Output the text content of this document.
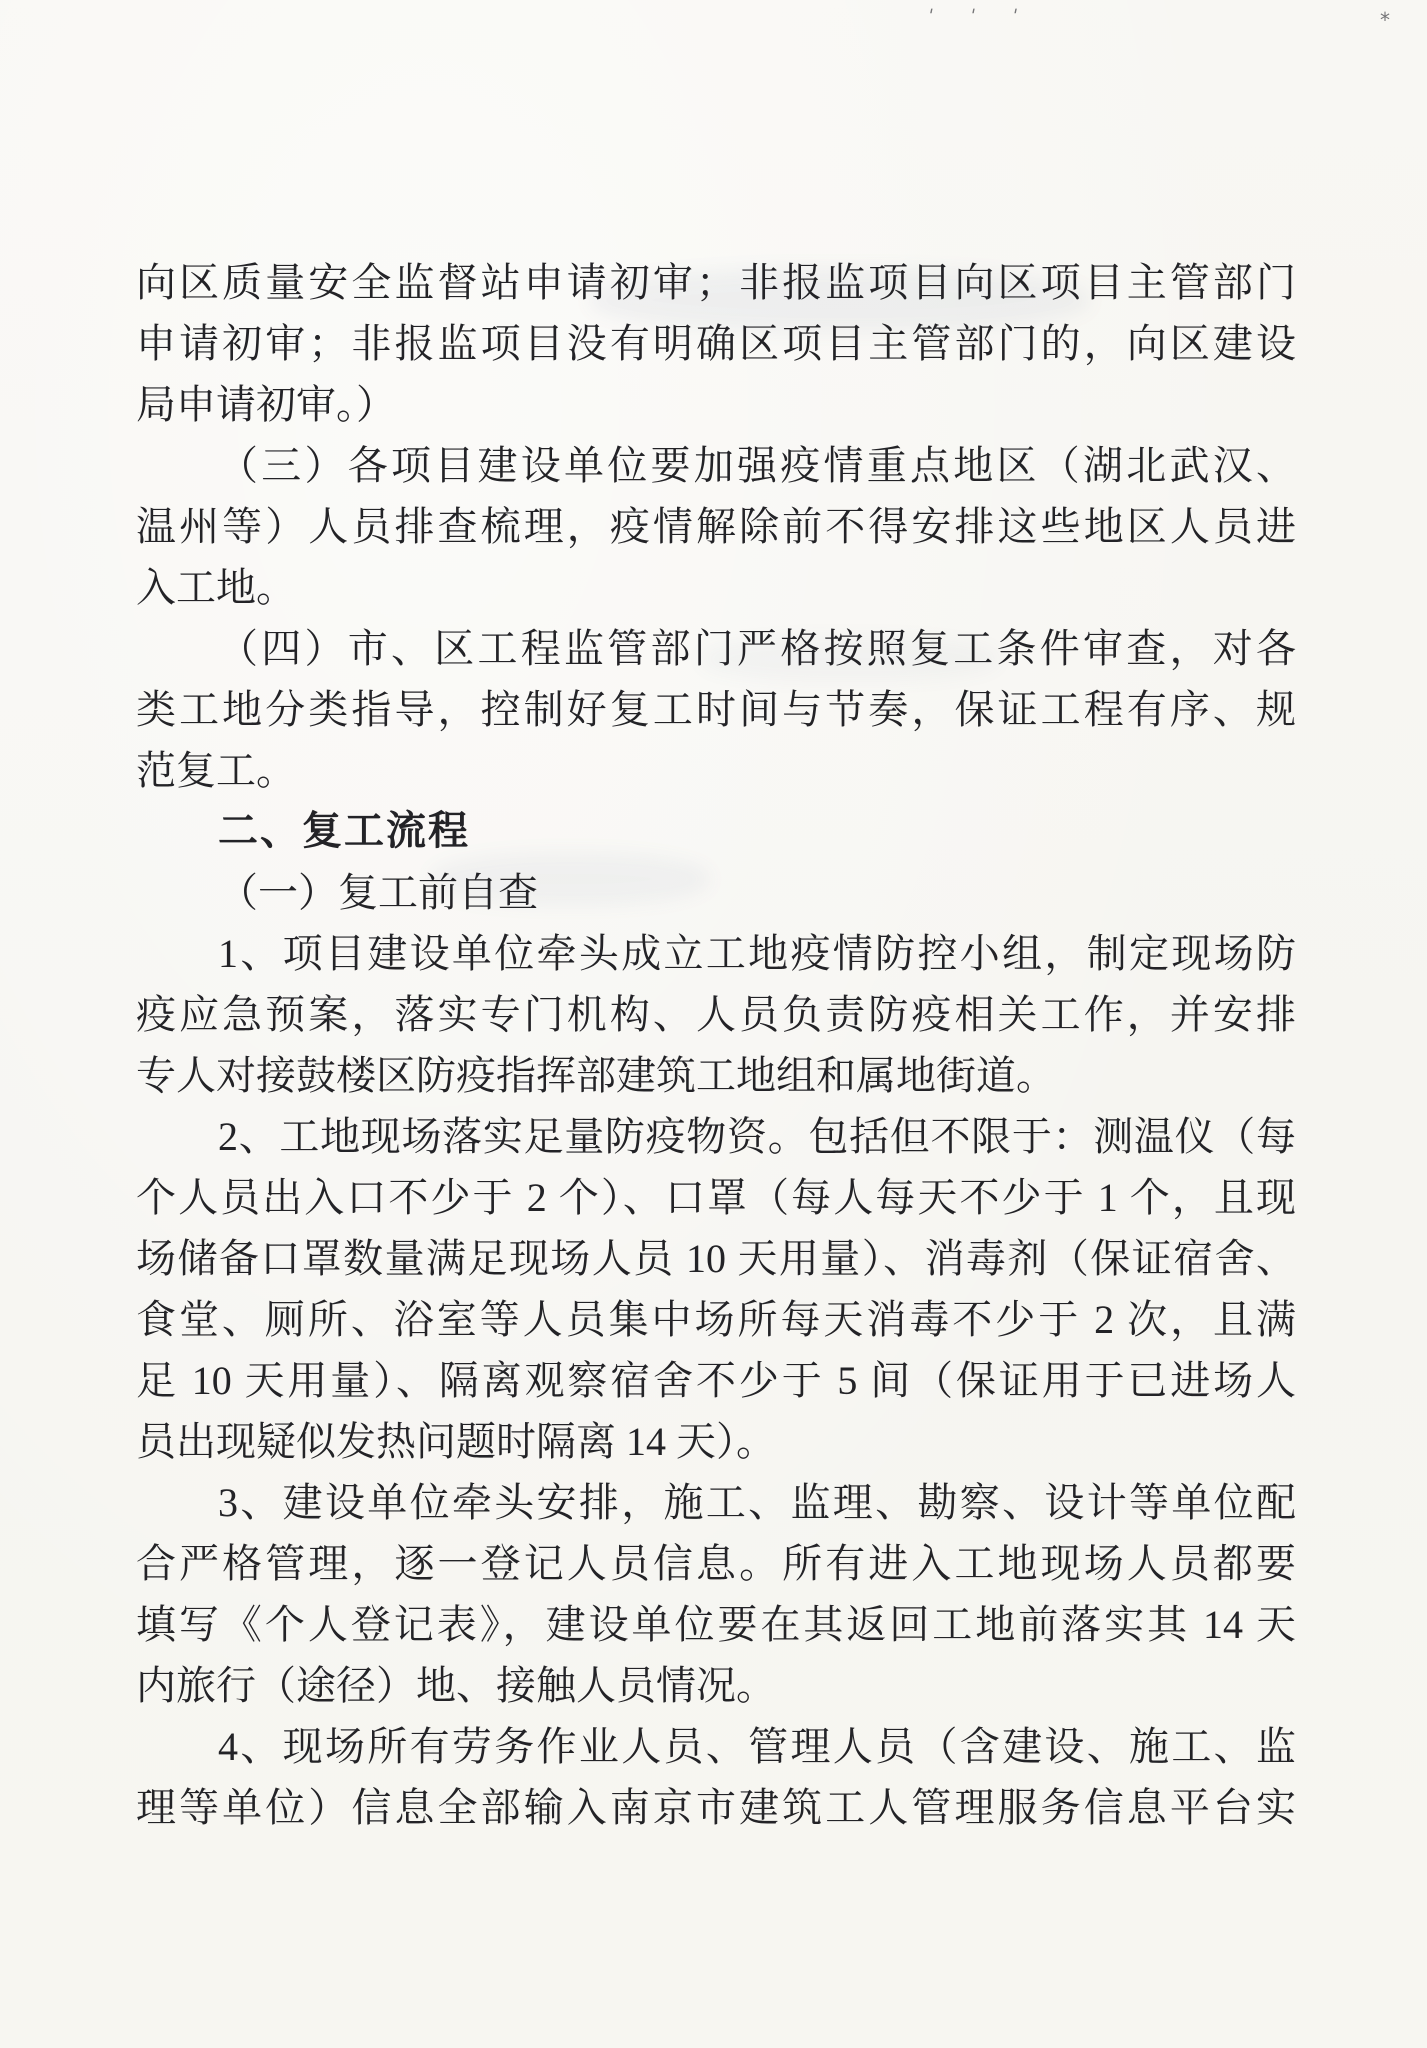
' ' '	*
向区质量安全监督站申请初审；非报监项目向区项目主管部门
申请初审；非报监项目没有明确区项目主管部门的，向区建设
局申请初审。）
（三）各项目建设单位要加强疫情重点地区（湖北武汉、
温州等）人员排查梳理，疫情解除前不得安排这些地区人员进
入工地。
（四）市、区工程监管部门严格按照复工条件审查，对各
类工地分类指导，控制好复工时间与节奏，保证工程有序、规
范复工。
二、复工流程
（一）复工前自查
1、项目建设单位牵头成立工地疫情防控小组，制定现场防
疫应急预案，落实专门机构、人员负责防疫相关工作，并安排
专人对接鼓楼区防疫指挥部建筑工地组和属地街道。
2、工地现场落实足量防疫物资。包括但不限于：测温仪（每
个人员出入口不少于 2 个）、口罩（每人每天不少于 1 个，且现
场储备口罩数量满足现场人员 10 天用量）、消毒剂（保证宿舍、
食堂、厕所、浴室等人员集中场所每天消毒不少于 2 次，且满
足 10 天用量）、隔离观察宿舍不少于 5 间（保证用于已进场人
员出现疑似发热问题时隔离 14 天）。
3、建设单位牵头安排，施工、监理、勘察、设计等单位配
合严格管理，逐一登记人员信息。所有进入工地现场人员都要
填写《个人登记表》，建设单位要在其返回工地前落实其 14 天
内旅行（途径）地、接触人员情况。
4、现场所有劳务作业人员、管理人员（含建设、施工、监
理等单位）信息全部输入南京市建筑工人管理服务信息平台实
